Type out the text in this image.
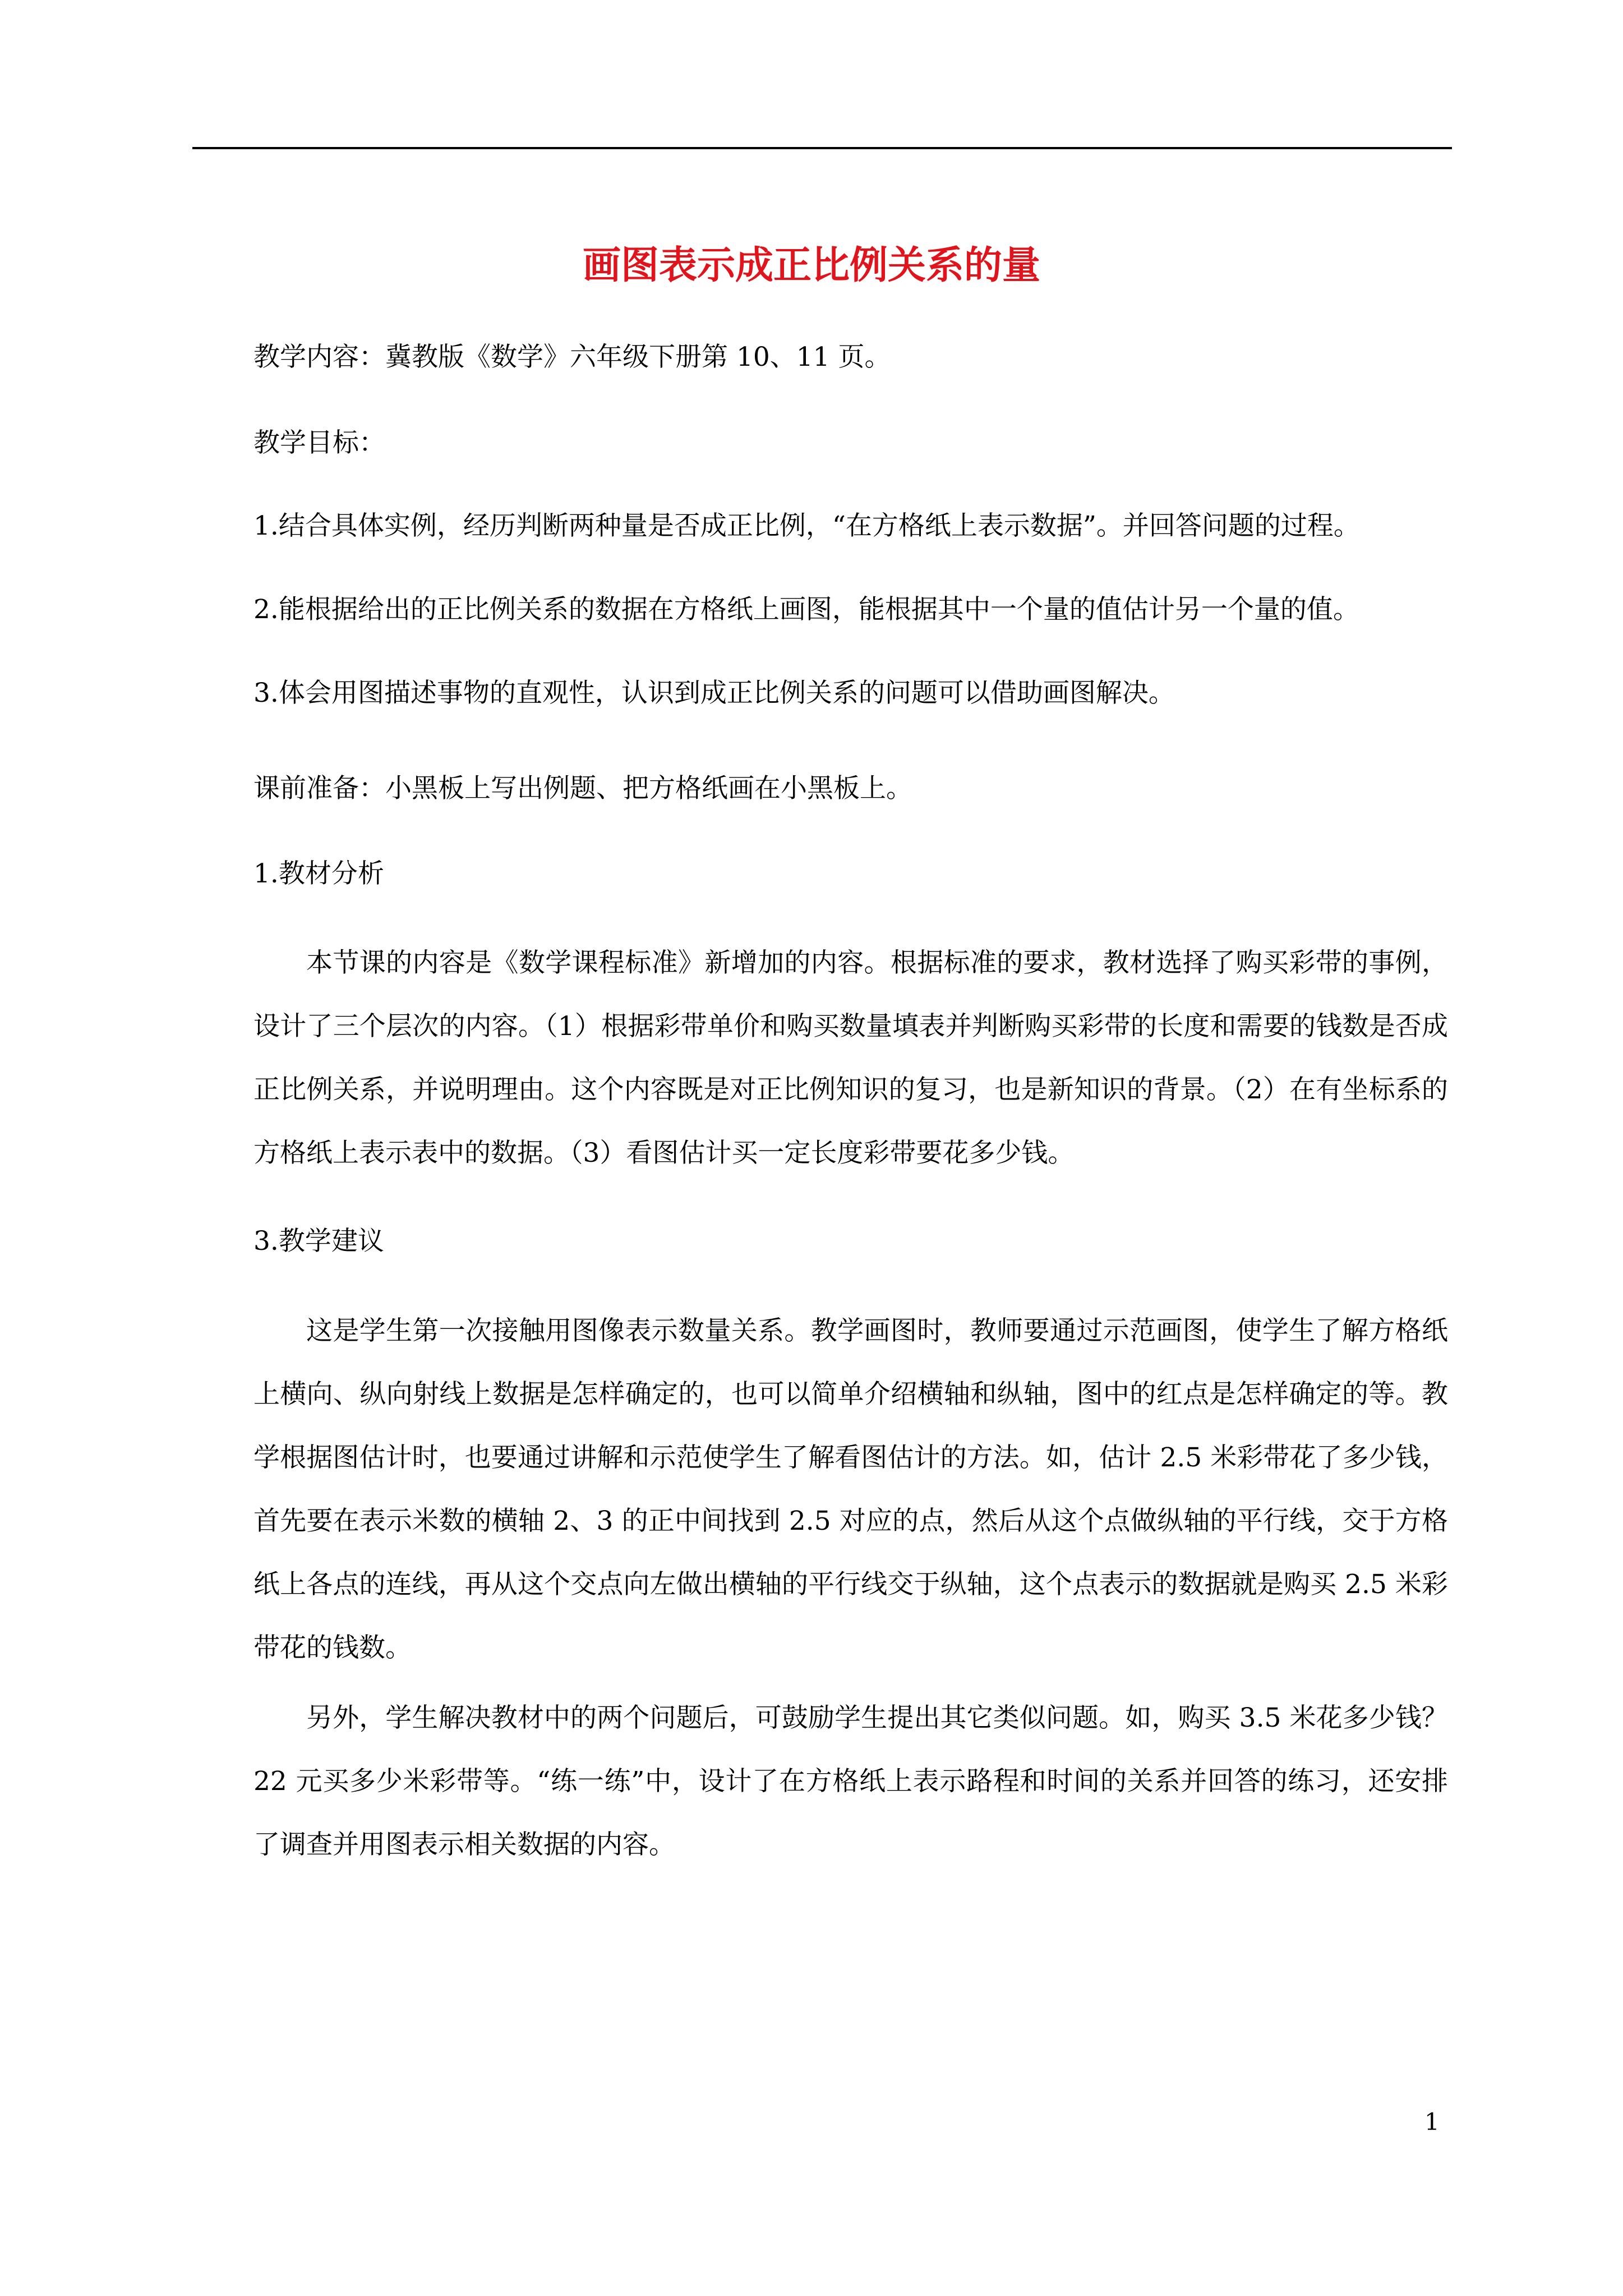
画图表示成正比例关系的量
教学内容：冀教版《数学》六年级下册第 10、11 页。
教学目标：
1.结合具体实例，经历判断两种量是否成正比例，“在方格纸上表示数据”。并回答问题的过程。
2.能根据给出的正比例关系的数据在方格纸上画图，能根据其中一个量的值估计另一个量的值。
3.体会用图描述事物的直观性，认识到成正比例关系的问题可以借助画图解决。
课前准备：小黑板上写出例题、把方格纸画在小黑板上。
1.教材分析
本节课的内容是《数学课程标准》新增加的内容。根据标准的要求，教材选择了购买彩带的事例，设计了三个层次的内容。（1）根据彩带单价和购买数量填表并判断购买彩带的长度和需要的钱数是否成正比例关系，并说明理由。这个内容既是对正比例知识的复习，也是新知识的背景。（2）在有坐标系的方格纸上表示表中的数据。（3）看图估计买一定长度彩带要花多少钱。
3.教学建议
这是学生第一次接触用图像表示数量关系。教学画图时，教师要通过示范画图，使学生了解方格纸上横向、纵向射线上数据是怎样确定的，也可以简单介绍横轴和纵轴，图中的红点是怎样确定的等。教学根据图估计时，也要通过讲解和示范使学生了解看图估计的方法。如，估计 2.5 米彩带花了多少钱，首先要在表示米数的横轴 2、3 的正中间找到 2.5 对应的点，然后从这个点做纵轴的平行线，交于方格纸上各点的连线，再从这个交点向左做出横轴的平行线交于纵轴，这个点表示的数据就是购买 2.5 米彩带花的钱数。
另外，学生解决教材中的两个问题后，可鼓励学生提出其它类似问题。如，购买 3.5 米花多少钱？22 元买多少米彩带等。“练一练”中，设计了在方格纸上表示路程和时间的关系并回答的练习，还安排了调查并用图表示相关数据的内容。
1
